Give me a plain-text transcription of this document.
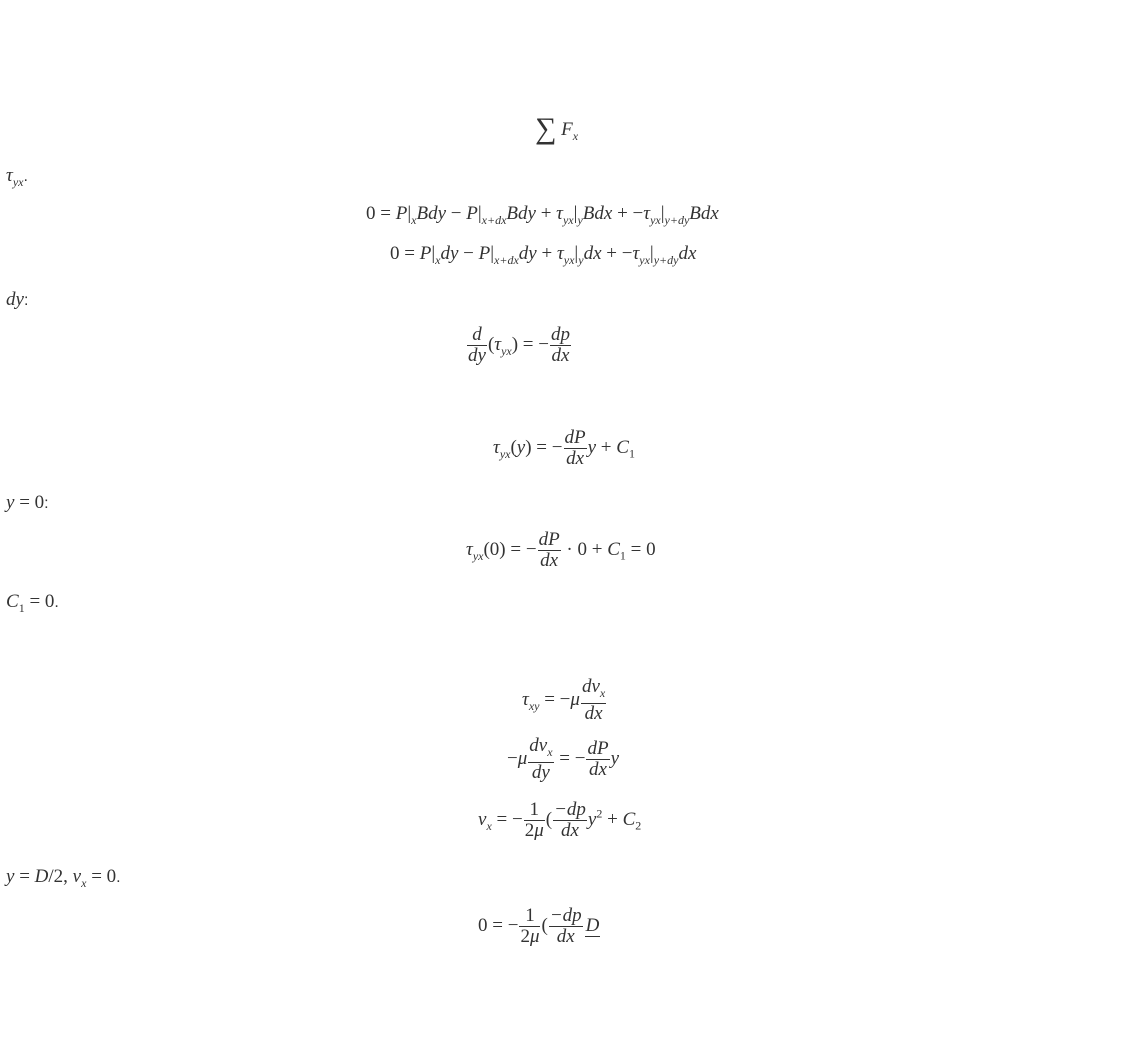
∑ $F_x$
$\tau_{yx}$.
$0 = P|_xBdy - P|_{x+dx}Bdy + \tau_{yx}|_yBdx + -\tau_{yx}|_{y+dy}Bdx$
$0 = P|_xdy - P|_{x+dx}dy + \tau_{yx}|_ydx + -\tau_{yx}|_{y+dy}dx$
dy:
$\frac{d}{dy} (\tau_{yx})$ = − $\frac{dp}{dx}$
$\tau_{yx}(y)$ = − $\frac{dP}{dx}$ $y + C_1$
y = 0:
$\tau_{yx}(0)$ = − $\frac{dP}{dx} \cdot 0 + C_1 = 0$
$C_1 = 0$.
$\tau_{xy} = -\mu$
$dv_x$
dx
−μ
$dv_x$
dy
= − $\frac{dP}{dx}$ y
$v_x$ = − $\frac{1}{2\mu}$ ( $\frac{-dp}{dx} y^2 + C_2$
y = D/2, $v_x = 0$.
0 = − $\frac{1}{2\mu}$ ( $\frac{-dp}{dx}$ D
